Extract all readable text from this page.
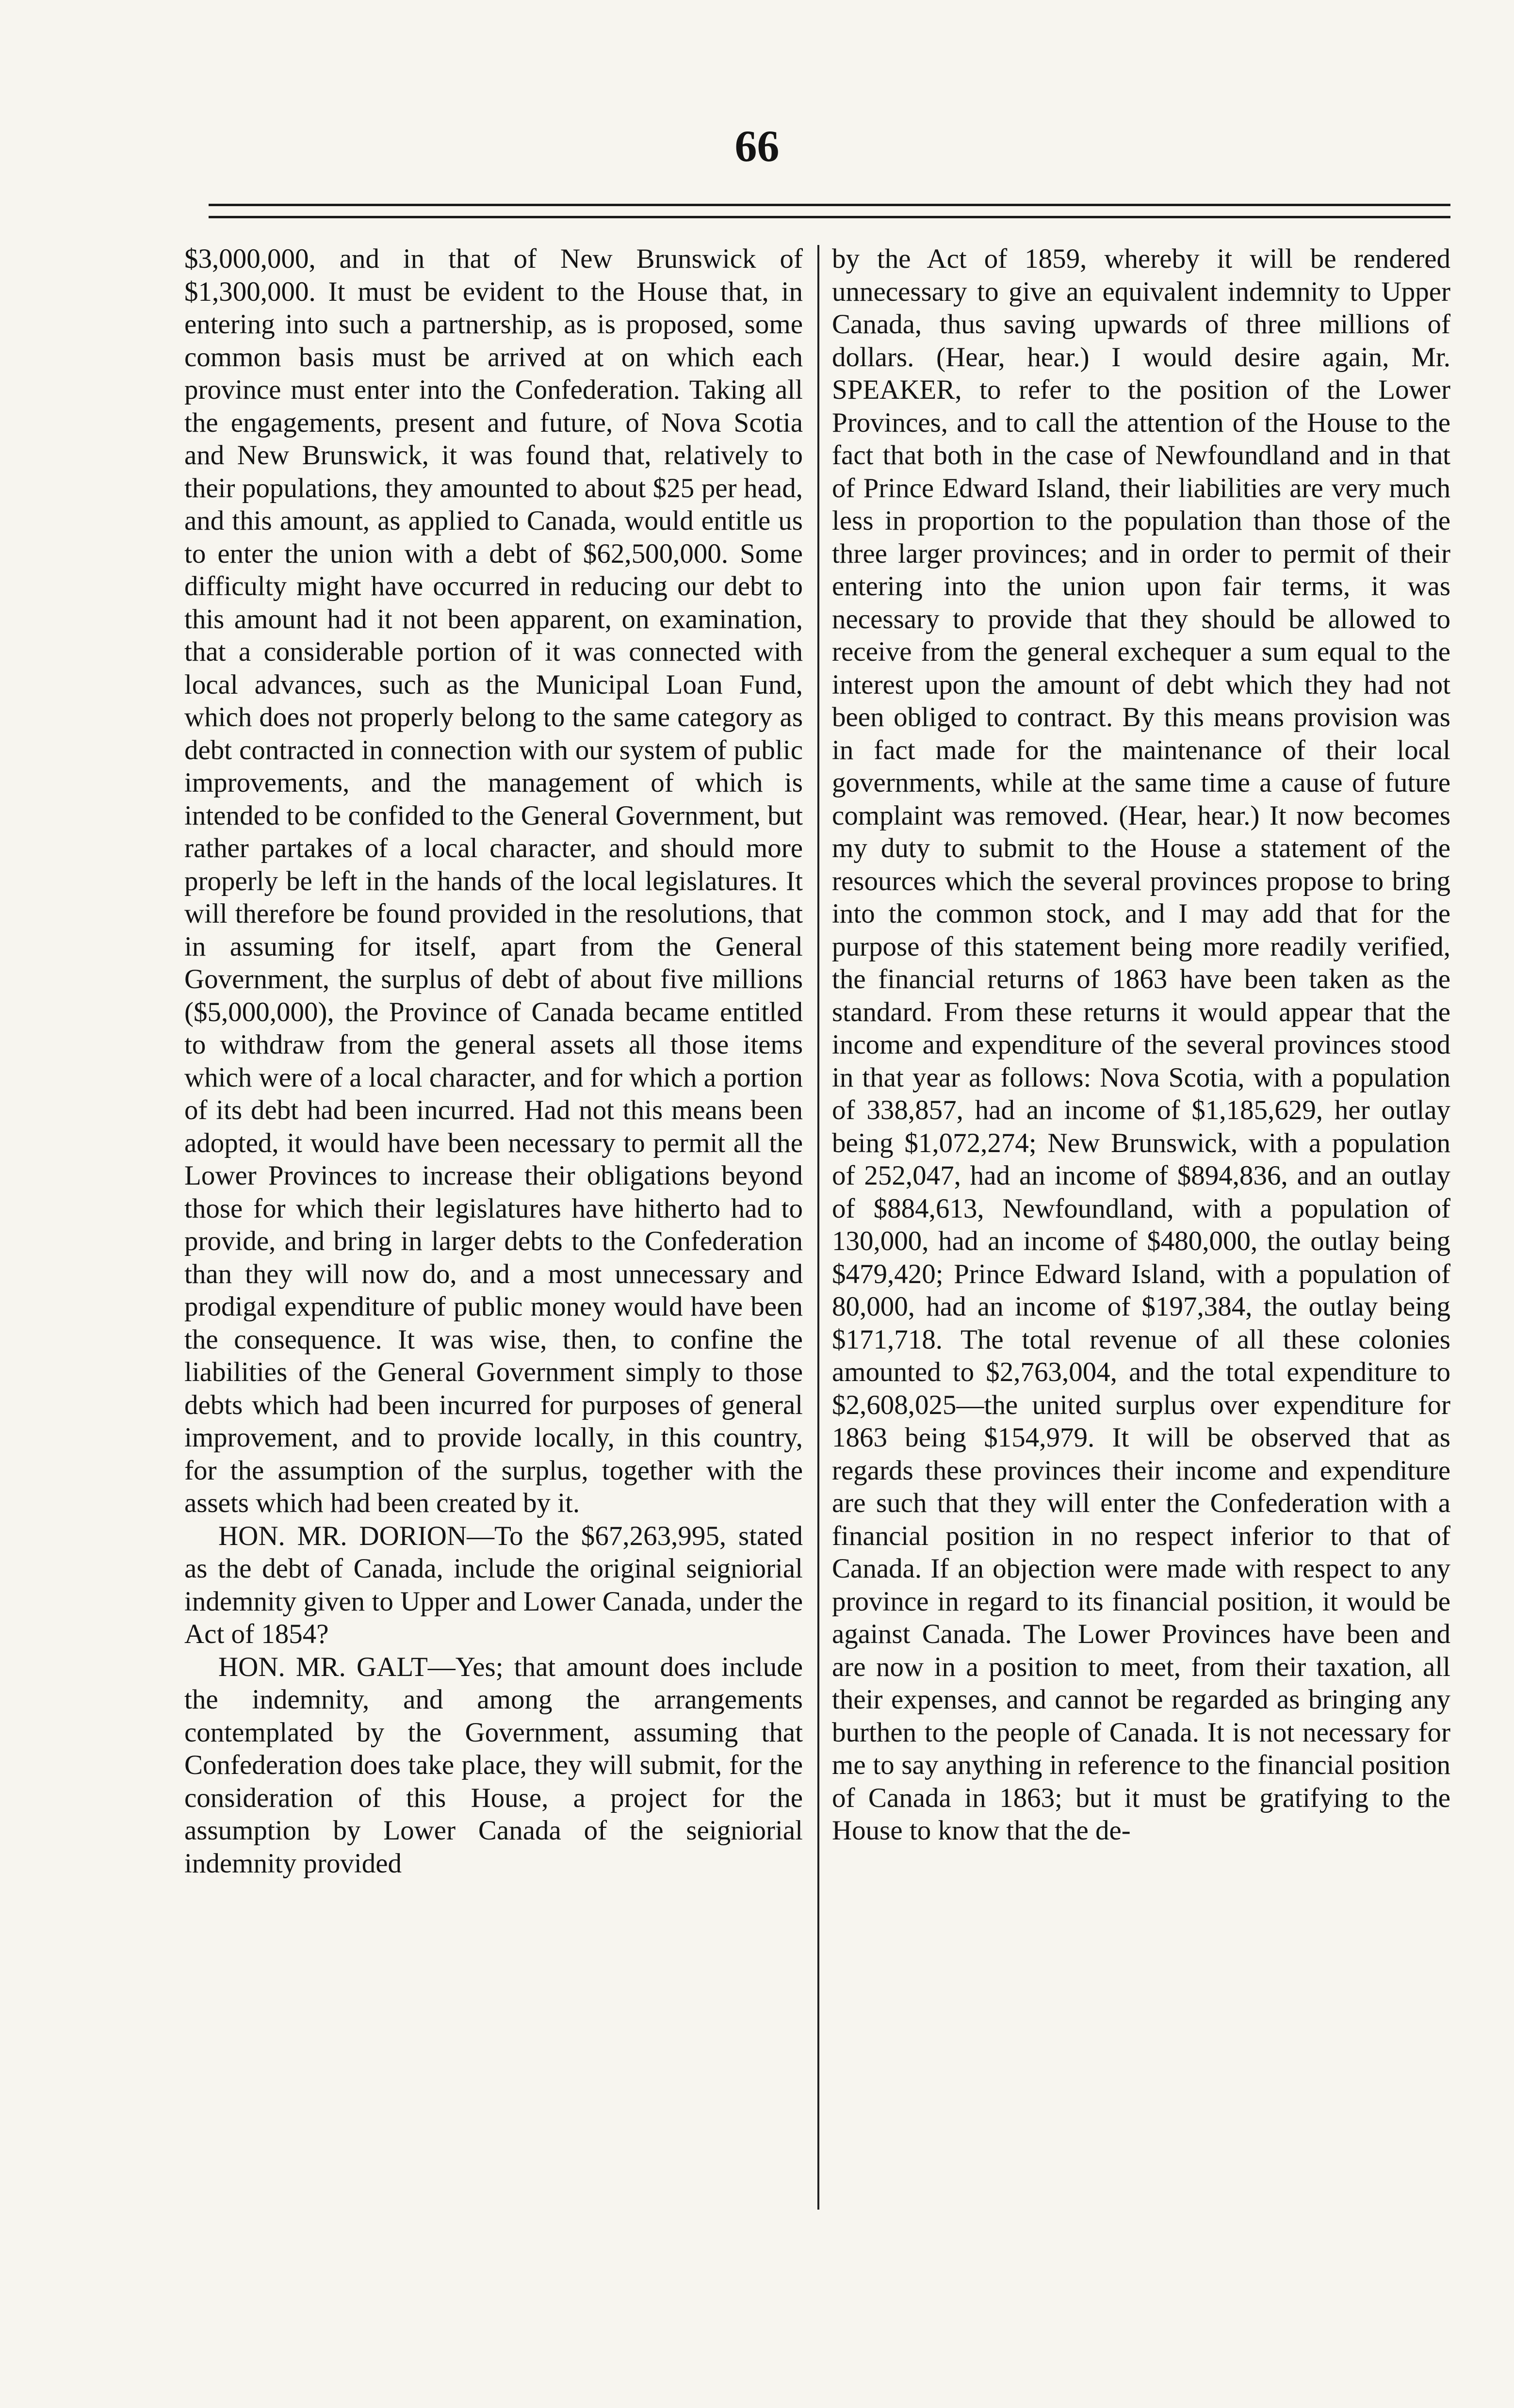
66

$3,000,000, and in that of New Brunswick of $1,300,000. It must be evident to the House that, in entering into such a partnership, as is proposed, some common basis must be arrived at on which each province must enter into the Confederation. Taking all the engagements, present and future, of Nova Scotia and New Brunswick, it was found that, relatively to their populations, they amounted to about $25 per head, and this amount, as applied to Canada, would entitle us to enter the union with a debt of $62,500,000. Some difficulty might have occurred in reducing our debt to this amount had it not been apparent, on examination, that a considerable portion of it was connected with local advances, such as the Municipal Loan Fund, which does not properly belong to the same category as debt contracted in connection with our system of public improvements, and the management of which is intended to be confided to the General Government, but rather partakes of a local character, and should more properly be left in the hands of the local legislatures. It will therefore be found provided in the resolutions, that in assuming for itself, apart from the General Government, the surplus of debt of about five millions ($5,000,000), the Province of Canada became entitled to withdraw from the general assets all those items which were of a local character, and for which a portion of its debt had been incurred. Had not this means been adopted, it would have been necessary to permit all the Lower Provinces to increase their obligations beyond those for which their legislatures have hitherto had to provide, and bring in larger debts to the Confederation than they will now do, and a most unnecessary and prodigal expenditure of public money would have been the consequence. It was wise, then, to confine the liabilities of the General Government simply to those debts which had been incurred for purposes of general improvement, and to provide locally, in this country, for the assumption of the surplus, together with the assets which had been created by it.

HON. MR. DORION—To the $67,263,995, stated as the debt of Canada, include the original seigniorial indemnity given to Upper and Lower Canada, under the Act of 1854?

HON. MR. GALT—Yes; that amount does include the indemnity, and among the arrangements contemplated by the Government, assuming that Confederation does take place, they will submit, for the consideration of this House, a project for the assumption by Lower Canada of the seigniorial indemnity provided

by the Act of 1859, whereby it will be rendered unnecessary to give an equivalent indemnity to Upper Canada, thus saving upwards of three millions of dollars. (Hear, hear.) I would desire again, Mr. SPEAKER, to refer to the position of the Lower Provinces, and to call the attention of the House to the fact that both in the case of Newfoundland and in that of Prince Edward Island, their liabilities are very much less in proportion to the population than those of the three larger provinces; and in order to permit of their entering into the union upon fair terms, it was necessary to provide that they should be allowed to receive from the general exchequer a sum equal to the interest upon the amount of debt which they had not been obliged to contract. By this means provision was in fact made for the maintenance of their local governments, while at the same time a cause of future complaint was removed. (Hear, hear.) It now becomes my duty to submit to the House a statement of the resources which the several provinces propose to bring into the common stock, and I may add that for the purpose of this statement being more readily verified, the financial returns of 1863 have been taken as the standard. From these returns it would appear that the income and expenditure of the several provinces stood in that year as follows: Nova Scotia, with a population of 338,857, had an income of $1,185,629, her outlay being $1,072,274; New Brunswick, with a population of 252,047, had an income of $894,836, and an outlay of $884,613, Newfoundland, with a population of 130,000, had an income of $480,000, the outlay being $479,420; Prince Edward Island, with a population of 80,000, had an income of $197,384, the outlay being $171,718. The total revenue of all these colonies amounted to $2,763,004, and the total expenditure to $2,608,025—the united surplus over expenditure for 1863 being $154,979. It will be observed that as regards these provinces their income and expenditure are such that they will enter the Confederation with a financial position in no respect inferior to that of Canada. If an objection were made with respect to any province in regard to its financial position, it would be against Canada. The Lower Provinces have been and are now in a position to meet, from their taxation, all their expenses, and cannot be regarded as bringing any burthen to the people of Canada. It is not necessary for me to say anything in reference to the financial position of Canada in 1863; but it must be gratifying to the House to know that the de-
